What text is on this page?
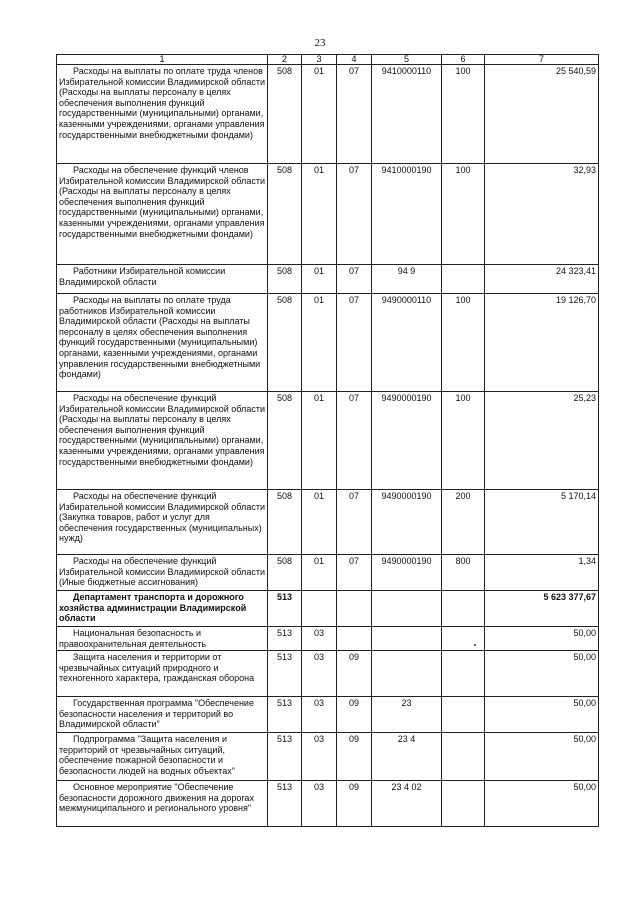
23
1	2	3	4	5	6	7
Расходы на выплаты по оплате труда членов Избирательной комиссии Владимирской области (Расходы на выплаты персоналу в целях обеспечения выполнения функций государственными (муниципальными) органами, казенными учреждениями, органами управления государственными внебюджетными фондами)	508	01	07	9410000110	100	25 540,59
Расходы на обеспечение функций членов Избирательной комиссии Владимирской области (Расходы на выплаты персоналу в целях обеспечения выполнения функций государственными (муниципальными) органами, казенными учреждениями, органами управления государственными внебюджетными фондами)	508	01	07	9410000190	100	32,93
Работники Избирательной комиссии Владимирской области	508	01	07	94 9		24 323,41
Расходы на выплаты по оплате труда работников Избирательной комиссии Владимирской области (Расходы на выплаты персоналу в целях обеспечения выполнения функций государственными (муниципальными) органами, казенными учреждениями, органами управления государственными внебюджетными фондами)	508	01	07	9490000110	100	19 126,70
Расходы на обеспечение функций Избирательной комиссии Владимирской области (Расходы на выплаты персоналу в целях обеспечения выполнения функций государственными (муниципальными) органами, казенными учреждениями, органами управления государственными внебюджетными фондами)	508	01	07	9490000190	100	25,23
Расходы на обеспечение функций Избирательной комиссии Владимирской области (Закупка товаров, работ и услуг для обеспечения государственных (муниципальных) нужд)	508	01	07	9490000190	200	5 170,14
Расходы на обеспечение функций Избирательной комиссии Владимирской области (Иные бюджетные ассигнования)	508	01	07	9490000190	800	1,34
Департамент транспорта и дорожного хозяйства администрации Владимирской области	513					5 623 377,67
Национальная безопасность и правоохранительная деятельность	513	03				50,00
Защита населения и территории от чрезвычайных ситуаций природного и техногенного характера, гражданская оборона	513	03	09			50,00
Государственная программа "Обеспечение безопасности населения и территорий во Владимирской области"	513	03	09	23		50,00
Подпрограмма "Защита населения и территорий от чрезвычайных ситуаций, обеспечение пожарной безопасности и безопасности людей на водных объектах"	513	03	09	23 4		50,00
Основное мероприятие "Обеспечение безопасности дорожного движения на дорогах межмуниципального и регионального уровня"	513	03	09	23 4 02		50,00
